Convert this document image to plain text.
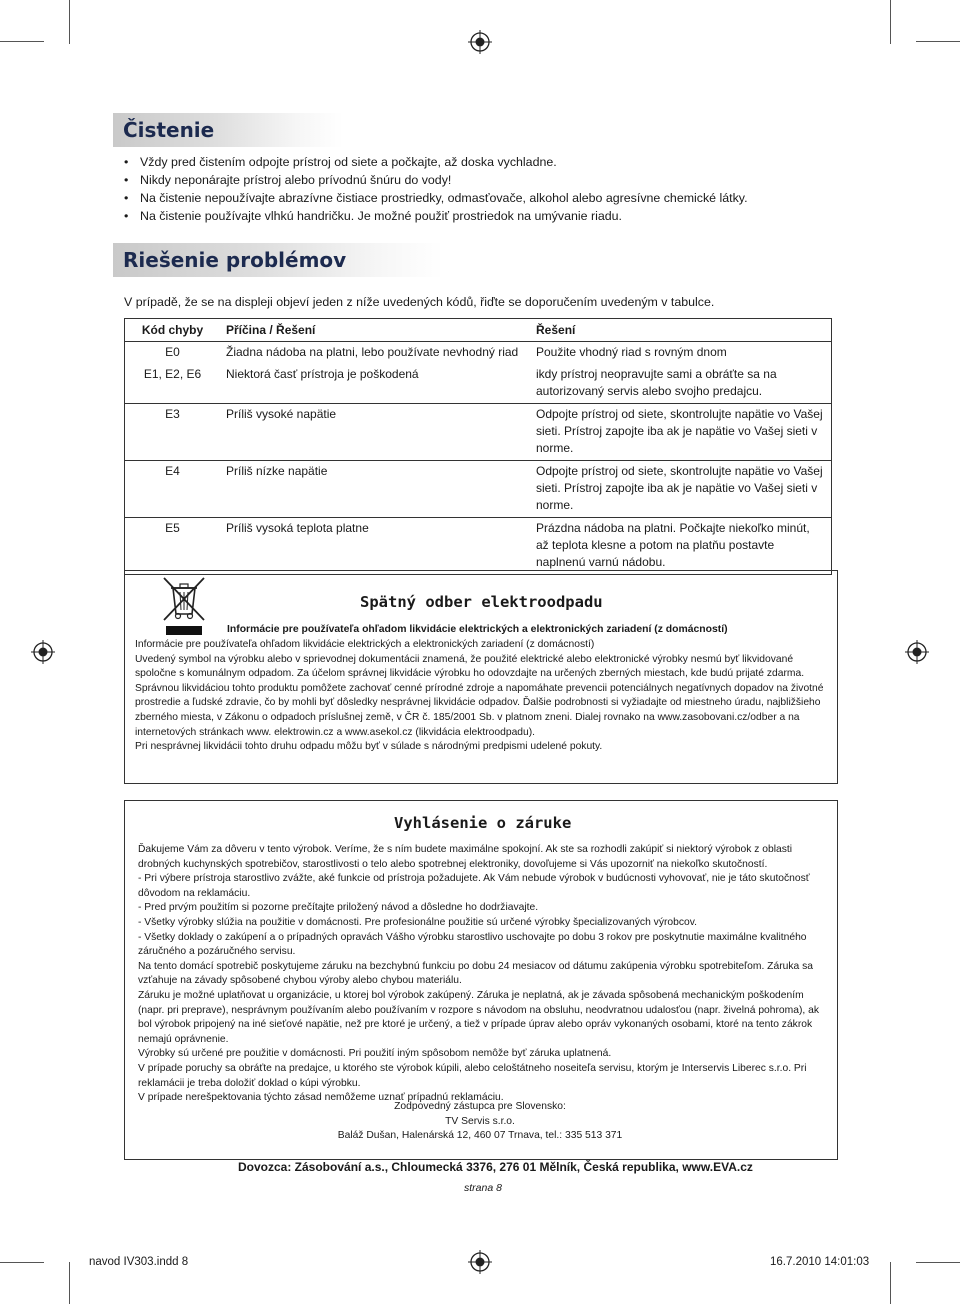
Čistenie
• Vždy pred čistením odpojte prístroj od siete a počkajte, až doska vychladne.
• Nikdy neponárajte prístroj alebo prívodnú šnúru do vody!
• Na čistenie nepoužívajte abrazívne čistiace prostriedky, odmasťovače, alkohol alebo agresívne chemické látky.
• Na čistenie používajte vlhkú handričku. Je možné použiť prostriedok na umývanie riadu.
Riešenie problémov
V prípadě, že se na displeji objeví jeden z níže uvedených kódů, řiďte se doporučením uvedeným v tabulce.
Kód chyby	Příčina / Řešení	Řešení
E0	Žiadna nádoba na platni, lebo používate nevhodný riad	Použite vhodný riad s rovným dnom
E1, E2, E6	Niektorá časť prístroja je poškodená	ikdy prístroj neopravujte sami a obráťte sa na autorizovaný servis alebo svojho predajcu.
E3	Príliš vysoké napätie	Odpojte prístroj od siete, skontrolujte napätie vo Vašej sieti. Prístroj zapojte iba ak je napätie vo Vašej sieti v norme.
E4	Príliš nízke napätie	Odpojte prístroj od siete, skontrolujte napätie vo Vašej sieti. Prístroj zapojte iba ak je napätie vo Vašej sieti v norme.
E5	Príliš vysoká teplota platne	Prázdna nádoba na platni. Počkajte niekoľko minút, až teplota klesne a potom na platňu postavte naplnenú varnú nádobu.
Spätný odber elektroodpadu
Informácie pre používateľa ohľadom likvidácie elektrických a elektronických zariadení (z domácností)

Informácie pre používateľa ohľadom likvidácie elektrických a elektronických zariadení (z domácností)

Uvedený symbol na výrobku alebo v sprievodnej dokumentácii znamená, že použité elektrické alebo elektronické výrobky nesmú byť likvidované spoločne s komunálnym odpadom. Za účelom správnej likvidácie výrobku ho odovzdajte na určených zberných miestach, kde budú prijaté zdarma.

Správnou likvidáciou tohto produktu pomôžete zachovať cenné prírodné zdroje a napomáhate prevencii potenciálnych negatívnych dopadov na životné prostredie a ľudské zdravie, čo by mohli byť dôsledky nesprávnej likvidácie odpadov. Ďalšie podrobnosti si vyžiadajte od miestneho úradu, najbližšieho zberného miesta, v Zákonu o odpadoch príslušnej země, v ČR č. 185/2001 Sb. v platnom zneni. Dialej rovnako na www.zasobovani.cz/odber a na internetových stránkach www. elektrowin.cz a www.asekol.cz (likvidácia elektroodpadu).

Pri nesprávnej likvidácii tohto druhu odpadu môžu byť v súlade s národnými predpismi udelené pokuty.

Vyhlásenie o záruke

Ďakujeme Vám za dôveru v tento výrobok. Veríme, že s ním budete maximálne spokojní. Ak ste sa rozhodli zakúpiť si niektorý výrobok z oblasti drobných kuchynských spotrebičov, starostlivosti o telo alebo spotrebnej elektroniky, dovoľujeme si Vás upozorniť na niekoľko skutočností.

- Pri výbere prístroja starostlivo zvážte, aké funkcie od prístroja požadujete. Ak Vám nebude výrobok v budúcnosti vyhovovať, nie je táto skutočnosť dôvodom na reklamáciu.

- Pred prvým použitím si pozorne prečítajte priložený návod a dôsledne ho dodržiavajte.

- Všetky výrobky slúžia na použitie v domácnosti. Pre profesionálne použitie sú určené výrobky špecializovaných výrobcov.

- Všetky doklady o zakúpení a o prípadných opravách Vášho výrobku starostlivo uschovajte po dobu 3 rokov pre poskytnutie maximálne kvalitného záručného a pozáručného servisu.

Na tento domácí spotrebič poskytujeme záruku na bezchybnú funkciu po dobu 24 mesiacov od dátumu zakúpenia výrobku spotrebiteľom. Záruka sa vzťahuje na závady spôsobené chybou výroby alebo chybou materiálu.

Záruku je možné uplatňovat u organizácie, u ktorej bol výrobok zakúpený. Záruka je neplatná, ak je závada spôsobená mechanickým poškodením (napr. pri preprave), nesprávnym používaním alebo používaním v rozpore s návodom na obsluhu, neodvratnou udalosťou (napr. živelná pohroma), ak bol výrobok pripojený na iné sieťové napätie, než pre ktoré je určený, a tiež v prípade úprav alebo opráv vykonaných osobami, ktoré na tento zákrok nemajú oprávnenie.

Výrobky sú určené pre použitie v domácnosti. Pri použití iným spôsobom nemôže byť záruka uplatnená.

V prípade poruchy sa obráťte na predajce, u ktorého ste výrobok kúpili, alebo celoštátneho noseiteľa servisu, ktorým je Interservis Liberec s.r.o. Pri reklamácii je treba doložiť doklad o kúpi výrobku.

V prípade nerešpektovania týchto zásad nemôžeme uznať prípadnú reklamáciu.

Zodpovedný zástupca pre Slovensko:

TV Servis s.r.o.

Baláž Dušan, Halenárská 12, 460 07 Trnava, tel.: 335 513 371

Dovozca: Zásobování a.s., Chloumecká 3376, 276 01 Mělník, Česká republika, www.EVA.cz
strana 8
navod IV303.indd 8	16.7.2010 14:01:03
